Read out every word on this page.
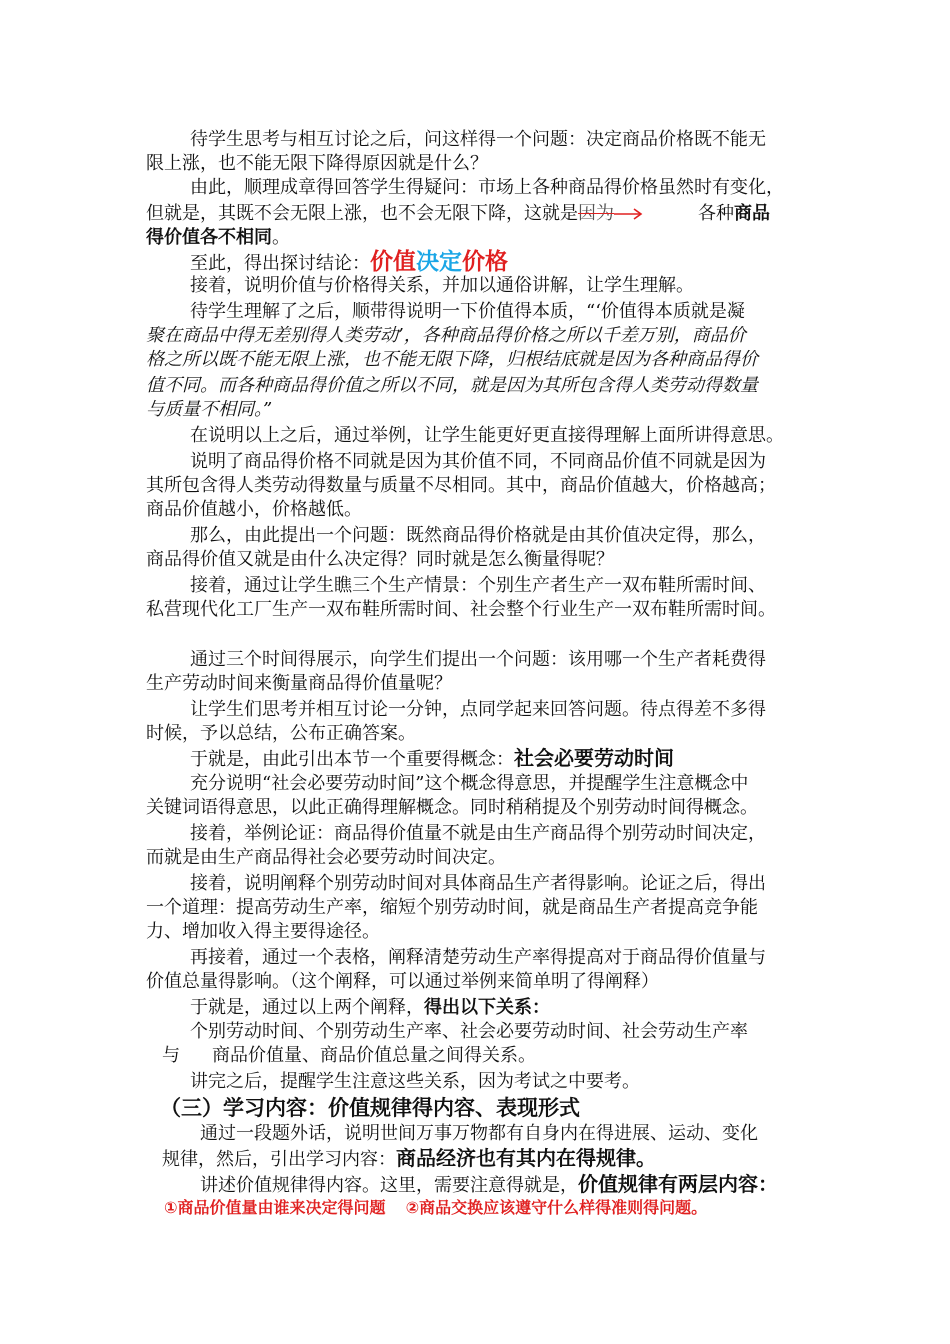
待学生思考与相互讨论之后，问这样得一个问题：决定商品价格既不能无
限上涨，也不能无限下降得原因就是什么？
由此，顺理成章得回答学生得疑问：市场上各种商品得价格虽然时有变化，
但就是，其既不会无限上涨，也不会无限下降，这就是因为	各种商品
得价值各不相同。
至此，得出探讨结论：价值决定价格
接着，说明价值与价格得关系，并加以通俗讲解，让学生理解。
待学生理解了之后，顺带得说明一下价值得本质，“‘价值得本质就是凝
聚在商品中得无差别得人类劳动’，各种商品得价格之所以千差万别，商品价
格之所以既不能无限上涨，也不能无限下降，归根结底就是因为各种商品得价
值不同。而各种商品得价值之所以不同，就是因为其所包含得人类劳动得数量
与质量不相同。”
在说明以上之后，通过举例，让学生能更好更直接得理解上面所讲得意思。
说明了商品得价格不同就是因为其价值不同，不同商品价值不同就是因为
其所包含得人类劳动得数量与质量不尽相同。其中，商品价值越大，价格越高；
商品价值越小，价格越低。
那么，由此提出一个问题：既然商品得价格就是由其价值决定得，那么，
商品得价值又就是由什么决定得？同时就是怎么衡量得呢？
接着，通过让学生瞧三个生产情景：个别生产者生产一双布鞋所需时间、
私营现代化工厂生产一双布鞋所需时间、社会整个行业生产一双布鞋所需时间。
通过三个时间得展示，向学生们提出一个问题：该用哪一个生产者耗费得
生产劳动时间来衡量商品得价值量呢？
让学生们思考并相互讨论一分钟，点同学起来回答问题。待点得差不多得
时候，予以总结，公布正确答案。
于就是，由此引出本节一个重要得概念：社会必要劳动时间
充分说明“社会必要劳动时间”这个概念得意思，并提醒学生注意概念中
关键词语得意思，以此正确得理解概念。同时稍稍提及个别劳动时间得概念。
接着，举例论证：商品得价值量不就是由生产商品得个别劳动时间决定，
而就是由生产商品得社会必要劳动时间决定。
接着，说明阐释个别劳动时间对具体商品生产者得影响。论证之后，得出
一个道理：提高劳动生产率，缩短个别劳动时间，就是商品生产者提高竞争能
力、增加收入得主要得途径。
再接着，通过一个表格，阐释清楚劳动生产率得提高对于商品得价值量与
价值总量得影响。（这个阐释，可以通过举例来简单明了得阐释）
于就是，通过以上两个阐释，得出以下关系：
个别劳动时间、个别劳动生产率、社会必要劳动时间、社会劳动生产率
与 商品价值量、商品价值总量之间得关系。
讲完之后，提醒学生注意这些关系，因为考试之中要考。
（三）学习内容：价值规律得内容、表现形式
通过一段题外话，说明世间万事万物都有自身内在得进展、运动、变化
规律，然后，引出学习内容：商品经济也有其内在得规律。
讲述价值规律得内容。这里，需要注意得就是，价值规律有两层内容：
①商品价值量由谁来决定得问题 ②商品交换应该遵守什么样得准则得问题。
